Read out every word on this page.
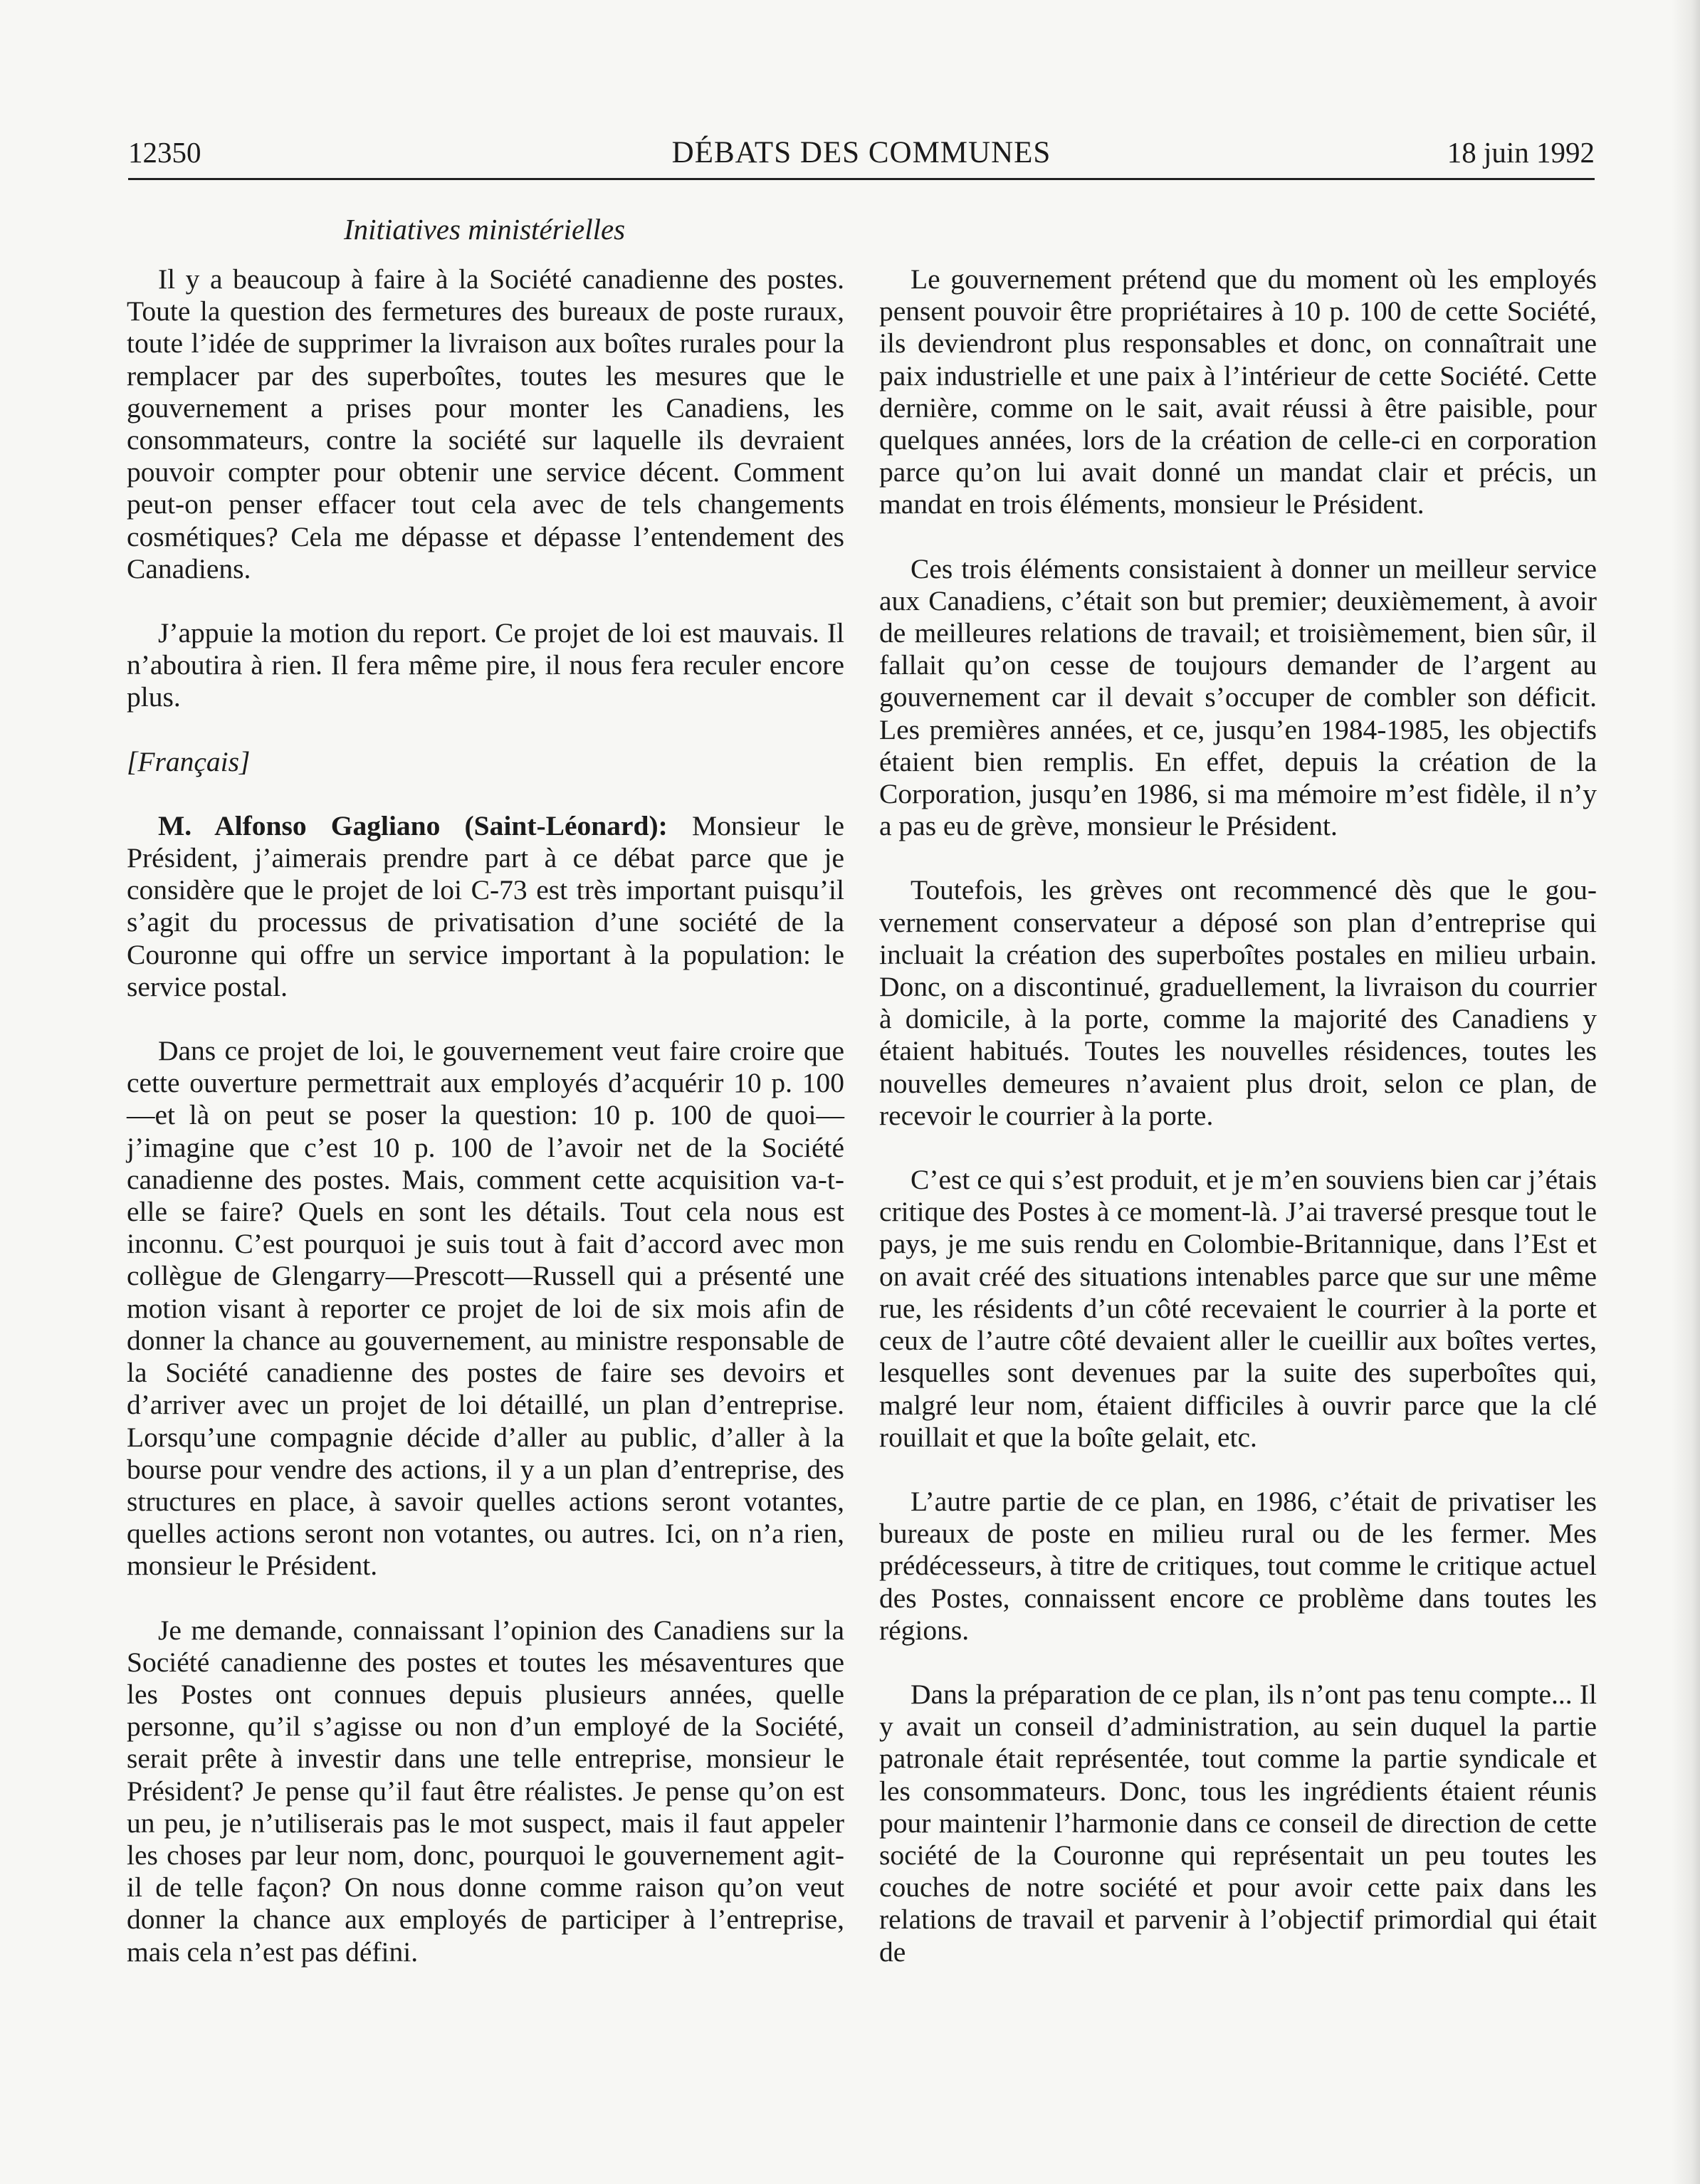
12350	DÉBATS DES COMMUNES	18 juin 1992
Initiatives ministérielles

Il y a beaucoup à faire à la Société canadienne des postes. Toute la question des fermetures des bureaux de poste ruraux, toute l’idée de supprimer la livraison aux boîtes rurales pour la remplacer par des superboîtes, toutes les mesures que le gouvernement a prises pour monter les Canadiens, les consommateurs, contre la société sur laquelle ils devraient pouvoir compter pour obtenir une service décent. Comment peut-on penser effacer tout cela avec de tels changements cosmétiques? Cela me dépasse et dépasse l’entendement des Canadiens.

J’appuie la motion du report. Ce projet de loi est mauvais. Il n’aboutira à rien. Il fera même pire, il nous fera reculer encore plus.

[Français]

M. Alfonso Gagliano (Saint-Léonard): Monsieur le Président, j’aimerais prendre part à ce débat parce que je considère que le projet de loi C-73 est très important puisqu’il s’agit du processus de privatisation d’une société de la Couronne qui offre un service important à la population: le service postal.

Dans ce projet de loi, le gouvernement veut faire croire que cette ouverture permettrait aux employés d’acquérir 10 p. 100—et là on peut se poser la question: 10 p. 100 de quoi— j’imagine que c’est 10 p. 100 de l’avoir net de la Société canadienne des postes. Mais, comment cette acquisition va-t-elle se faire? Quels en sont les détails. Tout cela nous est inconnu. C’est pourquoi je suis tout à fait d’accord avec mon collègue de Glengarry—Prescott—Russell qui a présenté une motion visant à reporter ce projet de loi de six mois afin de donner la chance au gouvernement, au ministre responsable de la Société canadienne des postes de faire ses devoirs et d’arriver avec un projet de loi détaillé, un plan d’entreprise. Lorsqu’une compagnie décide d’aller au public, d’aller à la bourse pour vendre des actions, il y a un plan d’entreprise, des structures en place, à savoir quelles actions seront votantes, quelles actions seront non votantes, ou autres. Ici, on n’a rien, monsieur le Président.

Je me demande, connaissant l’opinion des Canadiens sur la Société canadienne des postes et toutes les mésaventures que les Postes ont connues depuis plusieurs années, quelle personne, qu’il s’agisse ou non d’un employé de la Société, serait prête à investir dans une telle entreprise, monsieur le Président? Je pense qu’il faut être réalistes. Je pense qu’on est un peu, je n’utiliserais pas le mot suspect, mais il faut appeler les choses par leur nom, donc, pourquoi le gouvernement agit-il de telle façon? On nous donne comme raison qu’on veut donner la chance aux employés de participer à l’entreprise, mais cela n’est pas défini.

Le gouvernement prétend que du moment où les employés pensent pouvoir être propriétaires à 10 p. 100 de cette Société, ils deviendront plus responsables et donc, on connaîtrait une paix industrielle et une paix à l’intérieur de cette Société. Cette dernière, comme on le sait, avait réussi à être paisible, pour quelques années, lors de la création de celle-ci en corporation parce qu’on lui avait donné un mandat clair et précis, un mandat en trois éléments, monsieur le Président.

Ces trois éléments consistaient à donner un meilleur service aux Canadiens, c’était son but premier; deuxièmement, à avoir de meilleures relations de travail; et troisièmement, bien sûr, il fallait qu’on cesse de toujours demander de l’argent au gouvernement car il devait s’occuper de combler son déficit. Les premières années, et ce, jusqu’en 1984-1985, les objectifs étaient bien remplis. En effet, depuis la création de la Corporation, jusqu’en 1986, si ma mémoire m’est fidèle, il n’y a pas eu de grève, monsieur le Président.

Toutefois, les grèves ont recommencé dès que le gouvernement conservateur a déposé son plan d’entreprise qui incluait la création des superboîtes postales en milieu urbain. Donc, on a discontinué, graduellement, la livraison du courrier à domicile, à la porte, comme la majorité des Canadiens y étaient habitués. Toutes les nouvelles résidences, toutes les nouvelles demeures n’avaient plus droit, selon ce plan, de recevoir le courrier à la porte.

C’est ce qui s’est produit, et je m’en souviens bien car j’étais critique des Postes à ce moment-là. J’ai traversé presque tout le pays, je me suis rendu en Colombie-Britannique, dans l’Est et on avait créé des situations intenables parce que sur une même rue, les résidents d’un côté recevaient le courrier à la porte et ceux de l’autre côté devaient aller le cueillir aux boîtes vertes, lesquelles sont devenues par la suite des superboîtes qui, malgré leur nom, étaient difficiles à ouvrir parce que la clé rouillait et que la boîte gelait, etc.

L’autre partie de ce plan, en 1986, c’était de privatiser les bureaux de poste en milieu rural ou de les fermer. Mes prédécesseurs, à titre de critiques, tout comme le critique actuel des Postes, connaissent encore ce problème dans toutes les régions.

Dans la préparation de ce plan, ils n’ont pas tenu compte... Il y avait un conseil d’administration, au sein duquel la partie patronale était représentée, tout comme la partie syndicale et les consommateurs. Donc, tous les ingrédients étaient réunis pour maintenir l’harmonie dans ce conseil de direction de cette société de la Couronne qui représentait un peu toutes les couches de notre société et pour avoir cette paix dans les relations de travail et parvenir à l’objectif primordial qui était de
